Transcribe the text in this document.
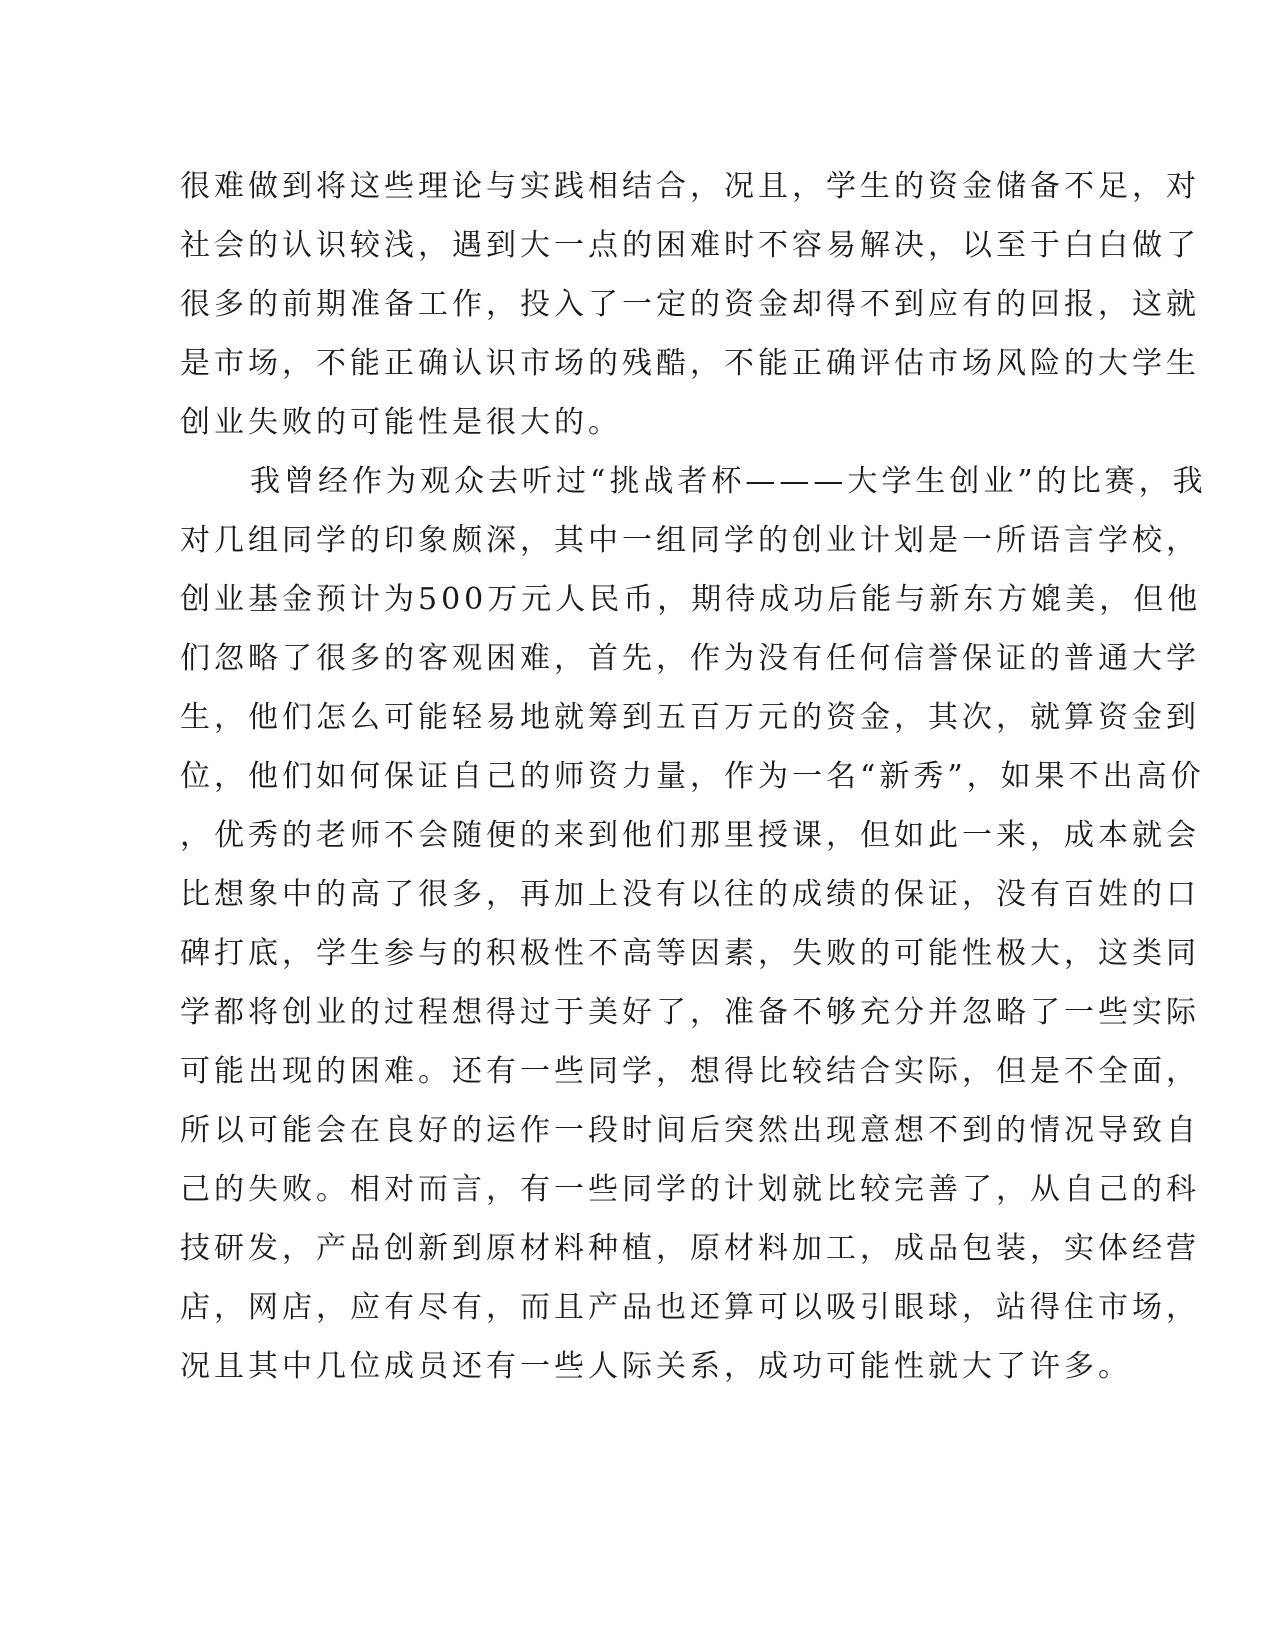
很难做到将这些理论与实践相结合，况且，学生的资金储备不足，对
社会的认识较浅，遇到大一点的困难时不容易解决，以至于白白做了
很多的前期准备工作，投入了一定的资金却得不到应有的回报，这就
是市场，不能正确认识市场的残酷，不能正确评估市场风险的大学生
创业失败的可能性是很大的。
我曾经作为观众去听过“挑战者杯———大学生创业”的比赛，我
对几组同学的印象颇深，其中一组同学的创业计划是一所语言学校，
创业基金预计为500万元人民币，期待成功后能与新东方媲美，但他
们忽略了很多的客观困难，首先，作为没有任何信誉保证的普通大学
生，他们怎么可能轻易地就筹到五百万元的资金，其次，就算资金到
位，他们如何保证自己的师资力量，作为一名“新秀”，如果不出高价
，优秀的老师不会随便的来到他们那里授课，但如此一来，成本就会
比想象中的高了很多，再加上没有以往的成绩的保证，没有百姓的口
碑打底，学生参与的积极性不高等因素，失败的可能性极大，这类同
学都将创业的过程想得过于美好了，准备不够充分并忽略了一些实际
可能出现的困难。还有一些同学，想得比较结合实际，但是不全面，
所以可能会在良好的运作一段时间后突然出现意想不到的情况导致自
己的失败。相对而言，有一些同学的计划就比较完善了，从自己的科
技研发，产品创新到原材料种植，原材料加工，成品包装，实体经营
店，网店，应有尽有，而且产品也还算可以吸引眼球，站得住市场，
况且其中几位成员还有一些人际关系，成功可能性就大了许多。
